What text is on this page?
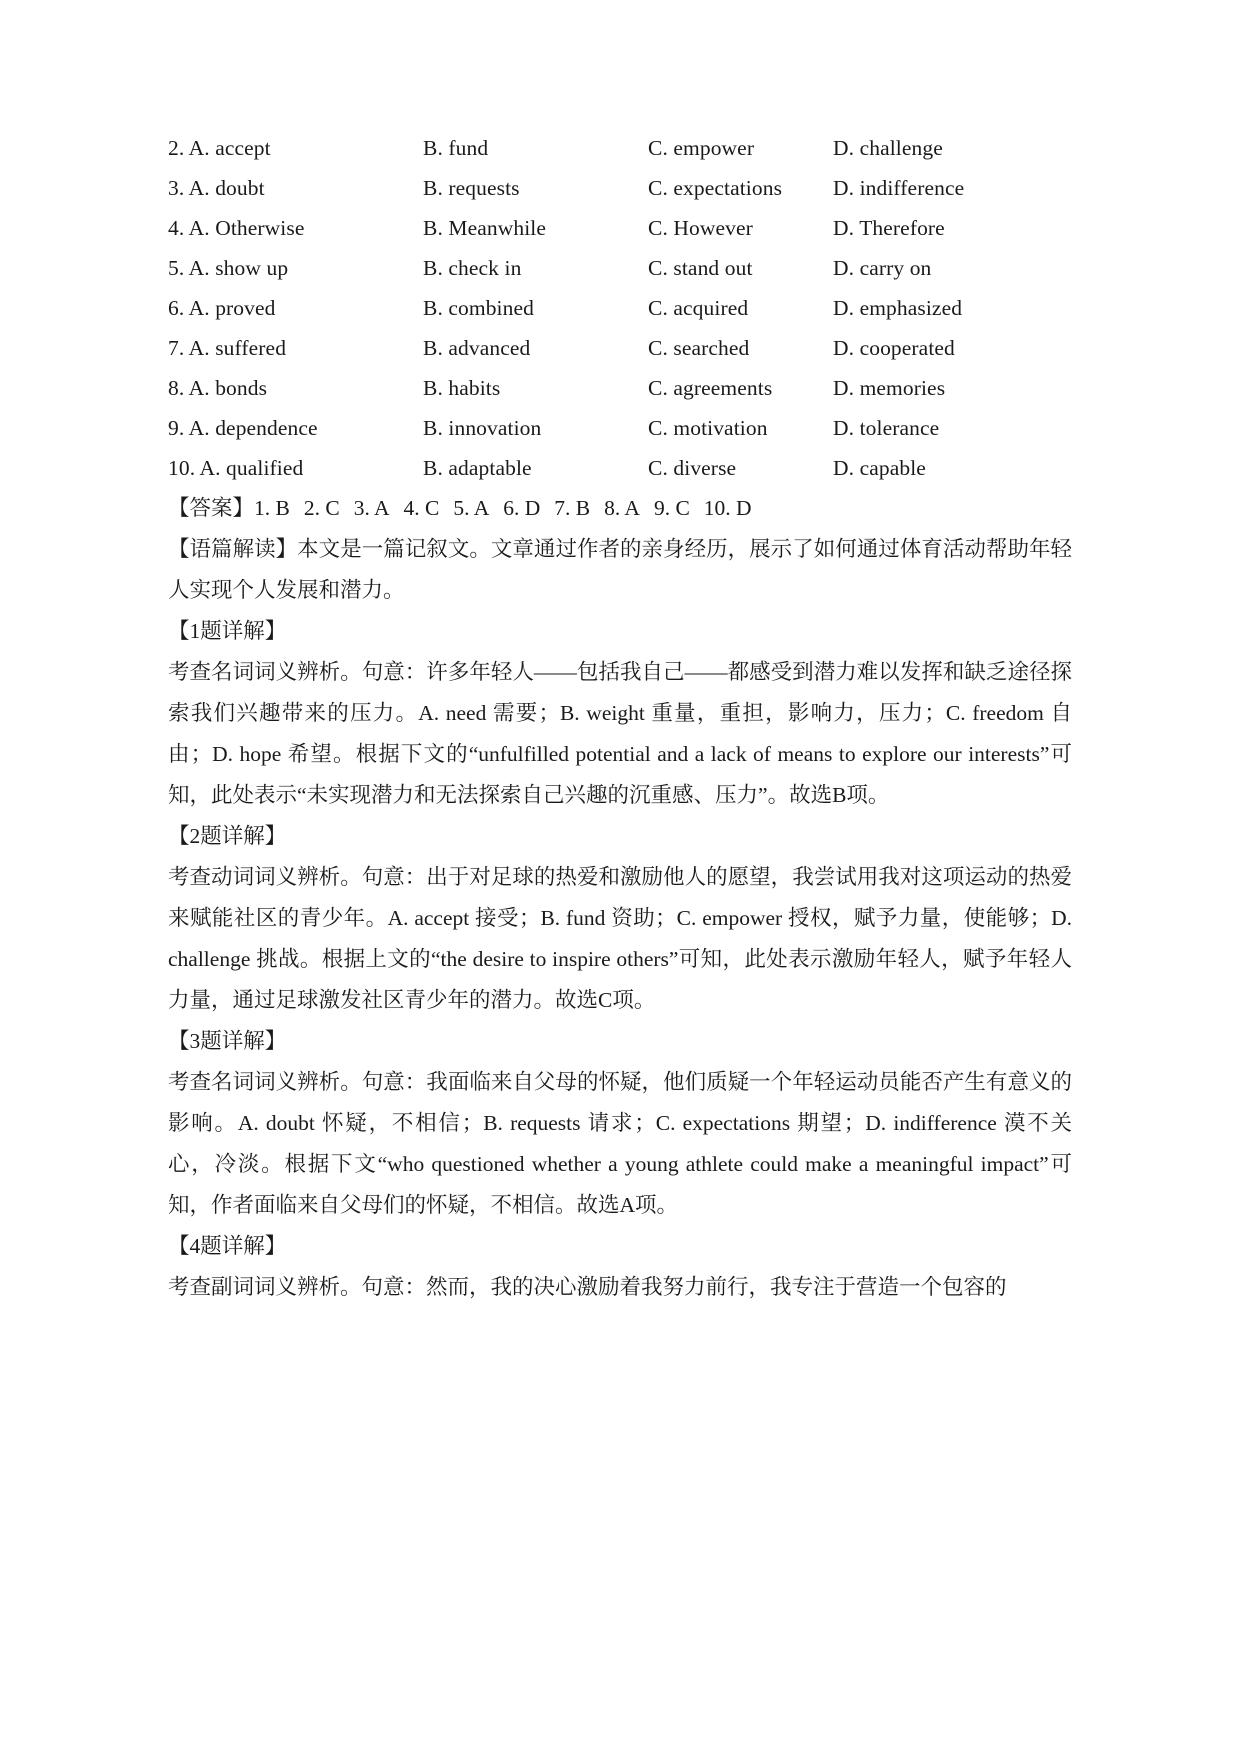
2. A. accept	B. fund	C. empower	D. challenge
3. A. doubt	B. requests	C. expectations	D. indifference
4. A. Otherwise	B. Meanwhile	C. However	D. Therefore
5. A. show up	B. check in	C. stand out	D. carry on
6. A. proved	B. combined	C. acquired	D. emphasized
7. A. suffered	B. advanced	C. searched	D. cooperated
8. A. bonds	B. habits	C. agreements	D. memories
9. A. dependence	B. innovation	C. motivation	D. tolerance
10. A. qualified	B. adaptable	C. diverse	D. capable
【答案】1. B 2. C 3. A 4. C 5. A 6. D 7. B 8. A 9. C 10. D

【语篇解读】本文是一篇记叙文。文章通过作者的亲身经历，展示了如何通过体育活动帮助年轻人实现个人发展和潜力。

【1题详解】

考查名词词义辨析。句意：许多年轻人——包括我自己——都感受到潜力难以发挥和缺乏途径探索我们兴趣带来的压力。A. need 需要；B. weight 重量，重担，影响力，压力；C. freedom 自由；D. hope 希望。根据下文的“unfulfilled potential and a lack of means to explore our interests”可知，此处表示“未实现潜力和无法探索自己兴趣的沉重感、压力”。故选B项。

【2题详解】

考查动词词义辨析。句意：出于对足球的热爱和激励他人的愿望，我尝试用我对这项运动的热爱来赋能社区的青少年。A. accept 接受；B. fund 资助；C. empower 授权，赋予力量，使能够；D. challenge 挑战。根据上文的“the desire to inspire others”可知，此处表示激励年轻人，赋予年轻人力量，通过足球激发社区青少年的潜力。故选C项。

【3题详解】

考查名词词义辨析。句意：我面临来自父母的怀疑，他们质疑一个年轻运动员能否产生有意义的影响。A. doubt 怀疑，不相信；B. requests 请求；C. expectations 期望；D. indifference 漠不关心，冷淡。根据下文“who questioned whether a young athlete could make a meaningful impact”可知，作者面临来自父母们的怀疑，不相信。故选A项。

【4题详解】

考查副词词义辨析。句意：然而，我的决心激励着我努力前行，我专注于营造一个包容的
